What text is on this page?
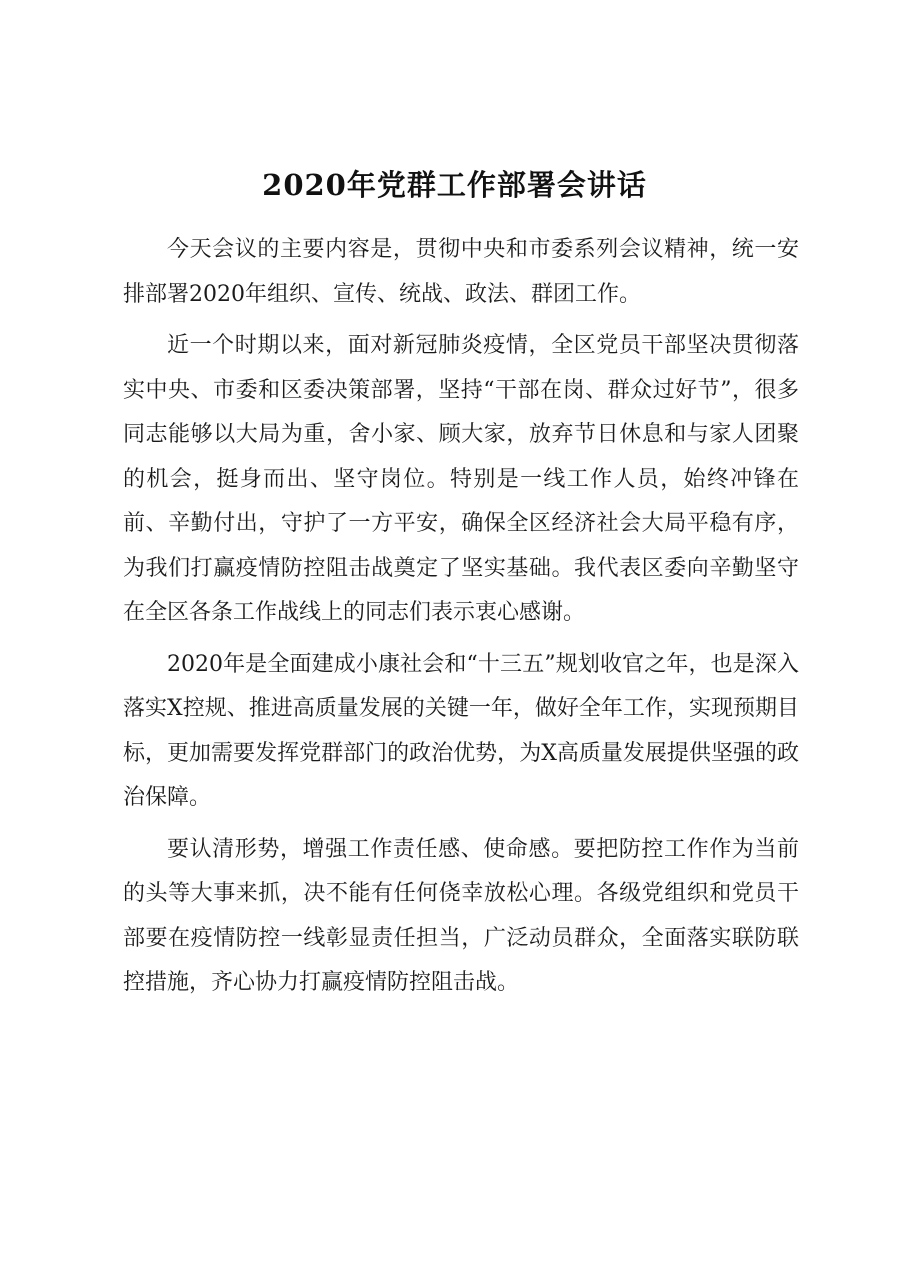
2020年党群工作部署会讲话

今天会议的主要内容是，贯彻中央和市委系列会议精神，统一安排部署2020年组织、宣传、统战、政法、群团工作。

近一个时期以来，面对新冠肺炎疫情，全区党员干部坚决贯彻落实中央、市委和区委决策部署，坚持“干部在岗、群众过好节”，很多同志能够以大局为重，舍小家、顾大家，放弃节日休息和与家人团聚的机会，挺身而出、坚守岗位。特别是一线工作人员，始终冲锋在前、辛勤付出，守护了一方平安，确保全区经济社会大局平稳有序，为我们打赢疫情防控阻击战奠定了坚实基础。我代表区委向辛勤坚守在全区各条工作战线上的同志们表示衷心感谢。

2020年是全面建成小康社会和“十三五”规划收官之年，也是深入落实X控规、推进高质量发展的关键一年，做好全年工作，实现预期目标，更加需要发挥党群部门的政治优势，为X高质量发展提供坚强的政治保障。

要认清形势，增强工作责任感、使命感。要把防控工作作为当前的头等大事来抓，决不能有任何侥幸放松心理。各级党组织和党员干部要在疫情防控一线彰显责任担当，广泛动员群众，全面落实联防联控措施，齐心协力打赢疫情防控阻击战。
